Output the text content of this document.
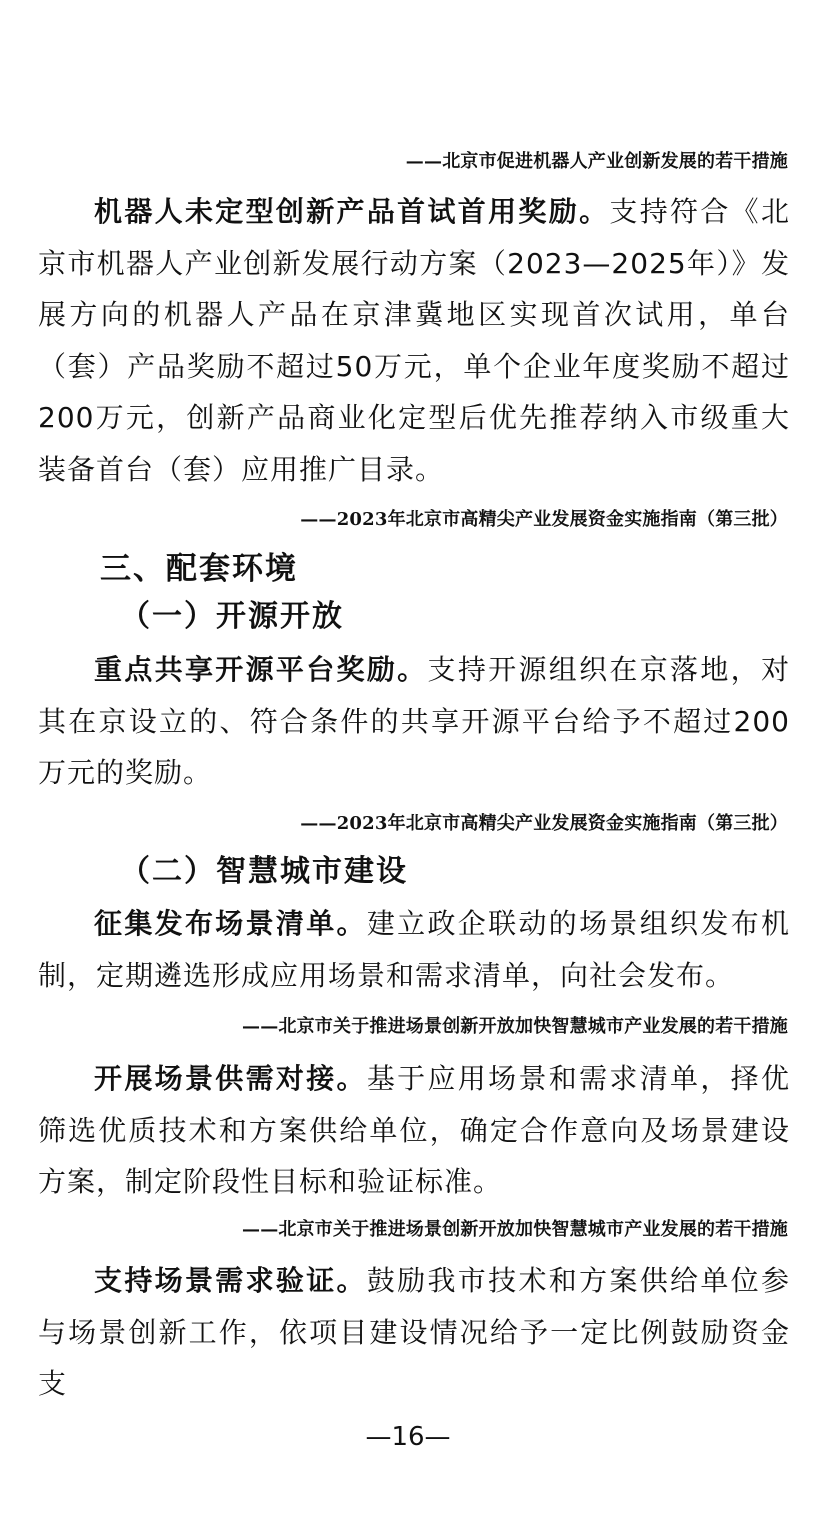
——北京市促进机器人产业创新发展的若干措施
机器人未定型创新产品首试首用奖励。支持符合《北京市机器人产业创新发展行动方案（2023—2025年）》发展方向的机器人产品在京津冀地区实现首次试用，单台（套）产品奖励不超过50万元，单个企业年度奖励不超过200万元，创新产品商业化定型后优先推荐纳入市级重大装备首台（套）应用推广目录。
——2023年北京市高精尖产业发展资金实施指南（第三批）
三、配套环境
（一）开源开放
重点共享开源平台奖励。支持开源组织在京落地，对其在京设立的、符合条件的共享开源平台给予不超过200万元的奖励。
——2023年北京市高精尖产业发展资金实施指南（第三批）
（二）智慧城市建设
征集发布场景清单。建立政企联动的场景组织发布机制，定期遴选形成应用场景和需求清单，向社会发布。
——北京市关于推进场景创新开放加快智慧城市产业发展的若干措施
开展场景供需对接。基于应用场景和需求清单，择优筛选优质技术和方案供给单位，确定合作意向及场景建设方案，制定阶段性目标和验证标准。
——北京市关于推进场景创新开放加快智慧城市产业发展的若干措施
支持场景需求验证。鼓励我市技术和方案供给单位参与场景创新工作，依项目建设情况给予一定比例鼓励资金支
—16—
